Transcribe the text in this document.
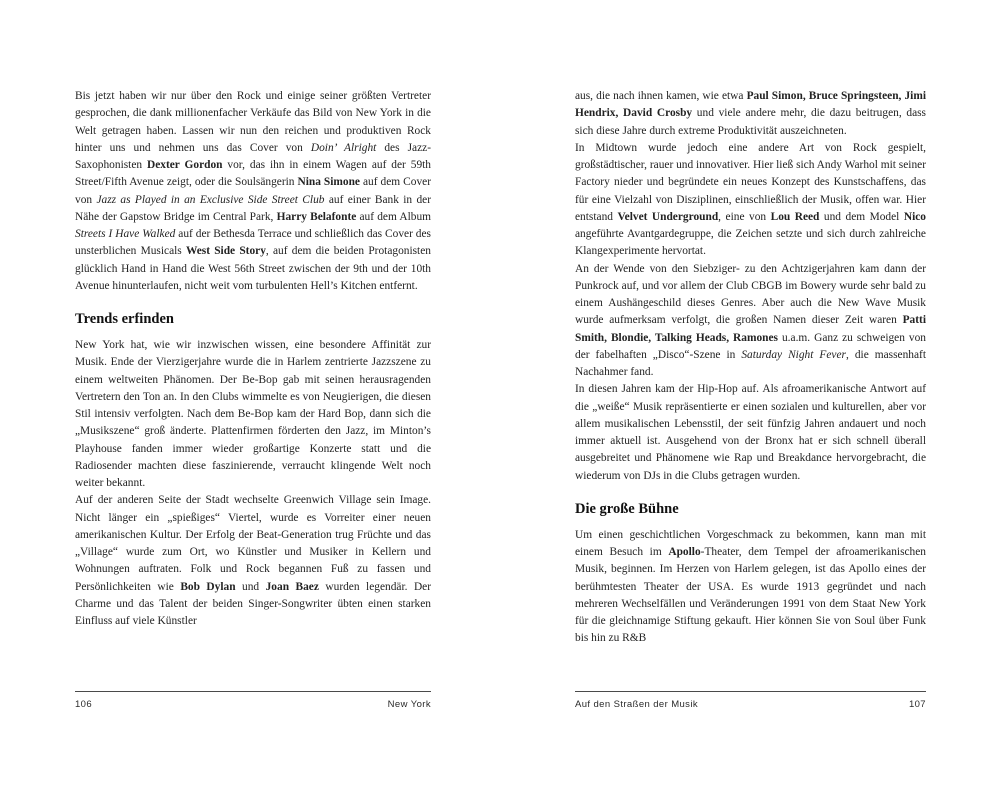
Bis jetzt haben wir nur über den Rock und einige seiner größten Vertreter gesprochen, die dank millionenfacher Verkäufe das Bild von New York in die Welt getragen haben. Lassen wir nun den reichen und produktiven Rock hinter uns und nehmen uns das Cover von Doin’ Alright des Jazz-Saxophonisten Dexter Gordon vor, das ihn in einem Wagen auf der 59th Street/Fifth Avenue zeigt, oder die Soulsängerin Nina Simone auf dem Cover von Jazz as Played in an Exclusive Side Street Club auf einer Bank in der Nähe der Gapstow Bridge im Central Park, Harry Belafonte auf dem Album Streets I Have Walked auf der Bethesda Terrace und schließlich das Cover des unsterblichen Musicals West Side Story, auf dem die beiden Protagonisten glücklich Hand in Hand die West 56th Street zwischen der 9th und der 10th Avenue hinunterlaufen, nicht weit vom turbulenten Hell’s Kitchen entfernt.

Trends erfinden

New York hat, wie wir inzwischen wissen, eine besondere Affinität zur Musik. Ende der Vierzigerjahre wurde die in Harlem zentrierte Jazzszene zu einem weltweiten Phänomen. Der Be-Bop gab mit seinen herausragenden Vertretern den Ton an. In den Clubs wimmelte es von Neugierigen, die diesen Stil intensiv verfolgten. Nach dem Be-Bop kam der Hard Bop, dann sich die „Musikszene“ groß änderte. Plattenfirmen förderten den Jazz, im Minton’s Playhouse fanden immer wieder großartige Konzerte statt und die Radiosender machten diese faszinierende, verraucht klingende Welt noch weiter bekannt.

Auf der anderen Seite der Stadt wechselte Greenwich Village sein Image. Nicht länger ein „spießiges“ Viertel, wurde es Vorreiter einer neuen amerikanischen Kultur. Der Erfolg der Beat-Generation trug Früchte und das „Village“ wurde zum Ort, wo Künstler und Musiker in Kellern und Wohnungen auftraten. Folk und Rock begannen Fuß zu fassen und Persönlichkeiten wie Bob Dylan und Joan Baez wurden legendär. Der Charme und das Talent der beiden Singer-Songwriter übten einen starken Einfluss auf viele Künstler

106	New York

aus, die nach ihnen kamen, wie etwa Paul Simon, Bruce Springsteen, Jimi Hendrix, David Crosby und viele andere mehr, die dazu beitrugen, dass sich diese Jahre durch extreme Produktivität auszeichneten.

In Midtown wurde jedoch eine andere Art von Rock gespielt, großstädtischer, rauer und innovativer. Hier ließ sich Andy Warhol mit seiner Factory nieder und begründete ein neues Konzept des Kunstschaffens, das für eine Vielzahl von Disziplinen, einschließlich der Musik, offen war. Hier entstand Velvet Underground, eine von Lou Reed und dem Model Nico angeführte Avantgardegruppe, die Zeichen setzte und sich durch zahlreiche Klangexperimente hervortat.

An der Wende von den Siebziger- zu den Achtzigerjahren kam dann der Punkrock auf, und vor allem der Club CBGB im Bowery wurde sehr bald zu einem Aushängeschild dieses Genres. Aber auch die New Wave Musik wurde aufmerksam verfolgt, die großen Namen dieser Zeit waren Patti Smith, Blondie, Talking Heads, Ramones u.a.m. Ganz zu schweigen von der fabelhaften „Disco“-Szene in Saturday Night Fever, die massenhaft Nachahmer fand.

In diesen Jahren kam der Hip-Hop auf. Als afroamerikanische Antwort auf die „weiße“ Musik repräsentierte er einen sozialen und kulturellen, aber vor allem musikalischen Lebensstil, der seit fünfzig Jahren andauert und noch immer aktuell ist. Ausgehend von der Bronx hat er sich schnell überall ausgebreitet und Phänomene wie Rap und Breakdance hervorgebracht, die wiederum von DJs in die Clubs getragen wurden.

Die große Bühne

Um einen geschichtlichen Vorgeschmack zu bekommen, kann man mit einem Besuch im Apollo-Theater, dem Tempel der afroamerikanischen Musik, beginnen. Im Herzen von Harlem gelegen, ist das Apollo eines der berühmtesten Theater der USA. Es wurde 1913 gegründet und nach mehreren Wechselfällen und Veränderungen 1991 von dem Staat New York für die gleichnamige Stiftung gekauft. Hier können Sie von Soul über Funk bis hin zu R&B

Auf den Straßen der Musik	107
